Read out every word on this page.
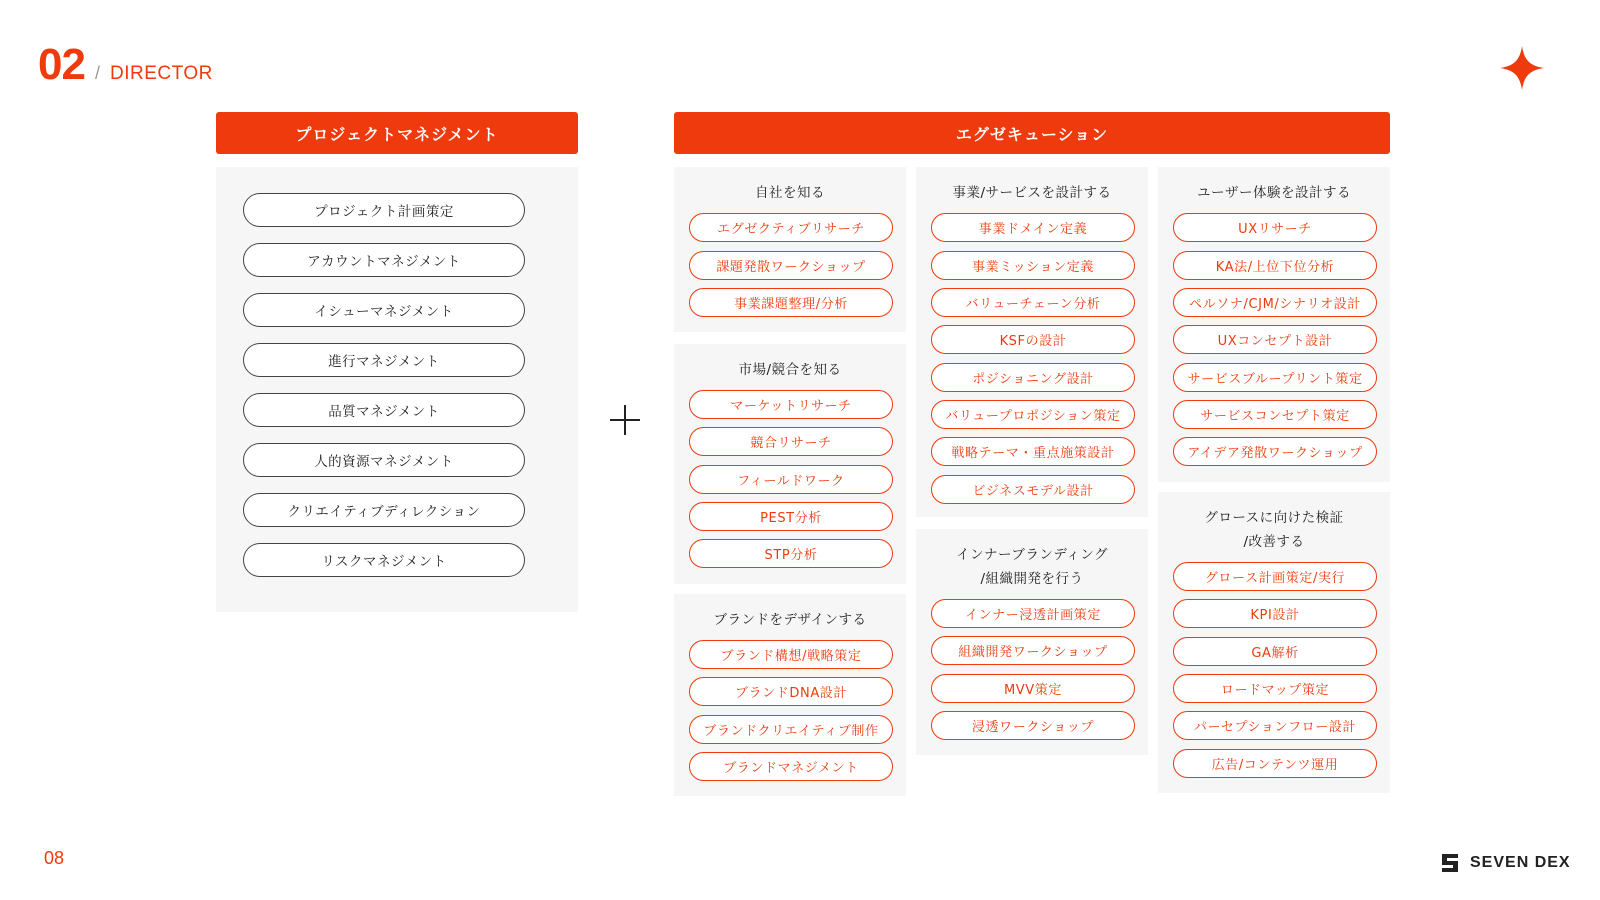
02 / DIRECTOR
プロジェクトマネジメント	エグゼキューション
プロジェクト計画策定
アカウントマネジメント
イシューマネジメント
進行マネジメント
品質マネジメント
人的資源マネジメント
クリエイティブディレクション
リスクマネジメント
自社を知る
エグゼクティブリサーチ
課題発散ワークショップ
事業課題整理/分析
市場/競合を知る
マーケットリサーチ
競合リサーチ
フィールドワーク
PEST分析
STP分析
ブランドをデザインする
ブランド構想/戦略策定
ブランドDNA設計
ブランドクリエイティブ制作
ブランドマネジメント
事業/サービスを設計する
事業ドメイン定義
事業ミッション定義
バリューチェーン分析
KSFの設計
ポジショニング設計
バリュープロポジション策定
戦略テーマ・重点施策設計
ビジネスモデル設計
インナーブランディング
/組織開発を行う
インナー浸透計画策定
組織開発ワークショップ
MVV策定
浸透ワークショップ
ユーザー体験を設計する
UXリサーチ
KA法/上位下位分析
ペルソナ/CJM/シナリオ設計
UXコンセプト設計
サービスブループリント策定
サービスコンセプト策定
アイデア発散ワークショップ
グロースに向けた検証
/改善する
グロース計画策定/実行
KPI設計
GA解析
ロードマップ策定
パーセプションフロー設計
広告/コンテンツ運用
08	SEVEN DEX
